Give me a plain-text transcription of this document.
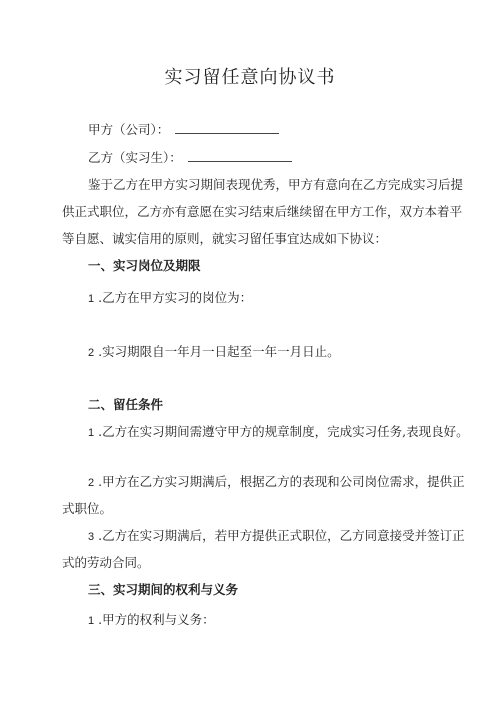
实习留任意向协议书
甲方（公司）：
乙方（实习生）：
鉴于乙方在甲方实习期间表现优秀，甲方有意向在乙方完成实习后提
供正式职位，乙方亦有意愿在实习结束后继续留在甲方工作，双方本着平
等自愿、诚实信用的原则，就实习留任事宜达成如下协议：
一、实习岗位及期限
1 .乙方在甲方实习的岗位为：
2 .实习期限自一年月一日起至一年一月日止。
二、留任条件
1 .乙方在实习期间需遵守甲方的规章制度，完成实习任务,表现良好。
2 .甲方在乙方实习期满后，根据乙方的表现和公司岗位需求，提供正
式职位。
3 .乙方在实习期满后，若甲方提供正式职位，乙方同意接受并签订正
式的劳动合同。
三、实习期间的权利与义务
1 .甲方的权利与义务：
